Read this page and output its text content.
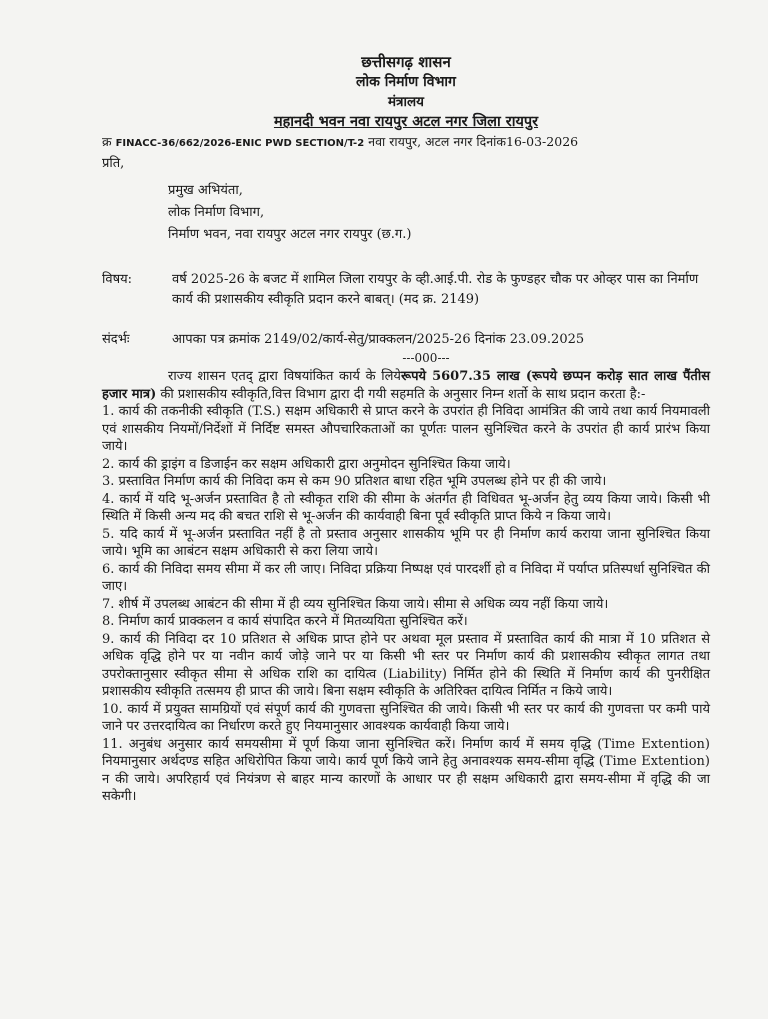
छत्तीसगढ़ शासन
लोक निर्माण विभाग
मंत्रालय
महानदी भवन नवा रायपुर अटल नगर जिला रायपुर
क्र FINACC-36/662/2026-ENIC PWD SECTION/T-2 नवा रायपुर, अटल नगर दिनांक16-03-2026
प्रति,
प्रमुख अभियंता,
लोक निर्माण विभाग,
निर्माण भवन, नवा रायपुर अटल नगर रायपुर (छ.ग.)
विषय:	वर्ष 2025-26 के बजट में शामिल जिला रायपुर के व्ही.आई.पी. रोड के फुण्डहर चौक पर ओव्हर पास का निर्माण कार्य की प्रशासकीय स्वीकृति प्रदान करने बाबत्। (मद क्र. 2149)
संदर्भः	आपका पत्र क्रमांक 2149/02/कार्य-सेतु/प्राक्कलन/2025-26 दिनांक 23.09.2025
---000---

राज्य शासन एतद् द्वारा विषयांकित कार्य के लियेरूपये 5607.35 लाख (रूपये छप्पन करोड़ सात लाख पैंतीस हजार मात्र) की प्रशासकीय स्वीकृति,वित्त विभाग द्वारा दी गयी सहमति के अनुसार निम्न शर्तो के साथ प्रदान करता है:-

1. कार्य की तकनीकी स्वीकृति (T.S.) सक्षम अधिकारी से प्राप्त करने के उपरांत ही निविदा आमंत्रित की जाये तथा कार्य नियमावली एवं शासकीय नियमों/निर्देशों में निर्दिष्ट समस्त औपचारिकताओं का पूर्णतः पालन सुनिश्चित करने के उपरांत ही कार्य प्रारंभ किया जाये।

2. कार्य की ड्राइंग व डिजाईन कर सक्षम अधिकारी द्वारा अनुमोदन सुनिश्चित किया जाये।

3. प्रस्तावित निर्माण कार्य की निविदा कम से कम 90 प्रतिशत बाधा रहित भूमि उपलब्ध होने पर ही की जाये।

4. कार्य में यदि भू-अर्जन प्रस्तावित है तो स्वीकृत राशि की सीमा के अंतर्गत ही विधिवत भू-अर्जन हेतु व्यय किया जाये। किसी भी स्थिति में किसी अन्य मद की बचत राशि से भू-अर्जन की कार्यवाही बिना पूर्व स्वीकृति प्राप्त किये न किया जाये।

5. यदि कार्य में भू-अर्जन प्रस्तावित नहीं है तो प्रस्ताव अनुसार शासकीय भूमि पर ही निर्माण कार्य कराया जाना सुनिश्चित किया जाये। भूमि का आबंटन सक्षम अधिकारी से करा लिया जाये।

6. कार्य की निविदा समय सीमा में कर ली जाए। निविदा प्रक्रिया निष्पक्ष एवं पारदर्शी हो व निविदा में पर्याप्त प्रतिस्पर्धा सुनिश्चित की जाए।

7. शीर्ष में उपलब्ध आबंटन की सीमा में ही व्यय सुनिश्चित किया जाये। सीमा से अधिक व्यय नहीं किया जाये।

8. निर्माण कार्य प्राक्कलन व कार्य संपादित करने में मितव्ययिता सुनिश्चित करें।

9. कार्य की निविदा दर 10 प्रतिशत से अधिक प्राप्त होने पर अथवा मूल प्रस्ताव में प्रस्तावित कार्य की मात्रा में 10 प्रतिशत से अधिक वृद्धि होने पर या नवीन कार्य जोड़े जाने पर या किसी भी स्तर पर निर्माण कार्य की प्रशासकीय स्वीकृत लागत तथा उपरोक्तानुसार स्वीकृत सीमा से अधिक राशि का दायित्व (Liability) निर्मित होने की स्थिति में निर्माण कार्य की पुनरीक्षित प्रशासकीय स्वीकृति तत्समय ही प्राप्त की जाये। बिना सक्षम स्वीकृति के अतिरिक्त दायित्व निर्मित न किये जाये।

10. कार्य में प्रयुक्त सामग्रियों एवं संपूर्ण कार्य की गुणवत्ता सुनिश्चित की जाये। किसी भी स्तर पर कार्य की गुणवत्ता पर कमी पाये जाने पर उत्तरदायित्व का निर्धारण करते हुए नियमानुसार आवश्यक कार्यवाही किया जाये।

11. अनुबंध अनुसार कार्य समयसीमा में पूर्ण किया जाना सुनिश्चित करें। निर्माण कार्य में समय वृद्धि (Time Extention) नियमानुसार अर्थदण्ड सहित अधिरोपित किया जाये। कार्य पूर्ण किये जाने हेतु अनावश्यक समय-सीमा वृद्धि (Time Extention) न की जाये। अपरिहार्य एवं नियंत्रण से बाहर मान्य कारणों के आधार पर ही सक्षम अधिकारी द्वारा समय-सीमा में वृद्धि की जा सकेगी।
